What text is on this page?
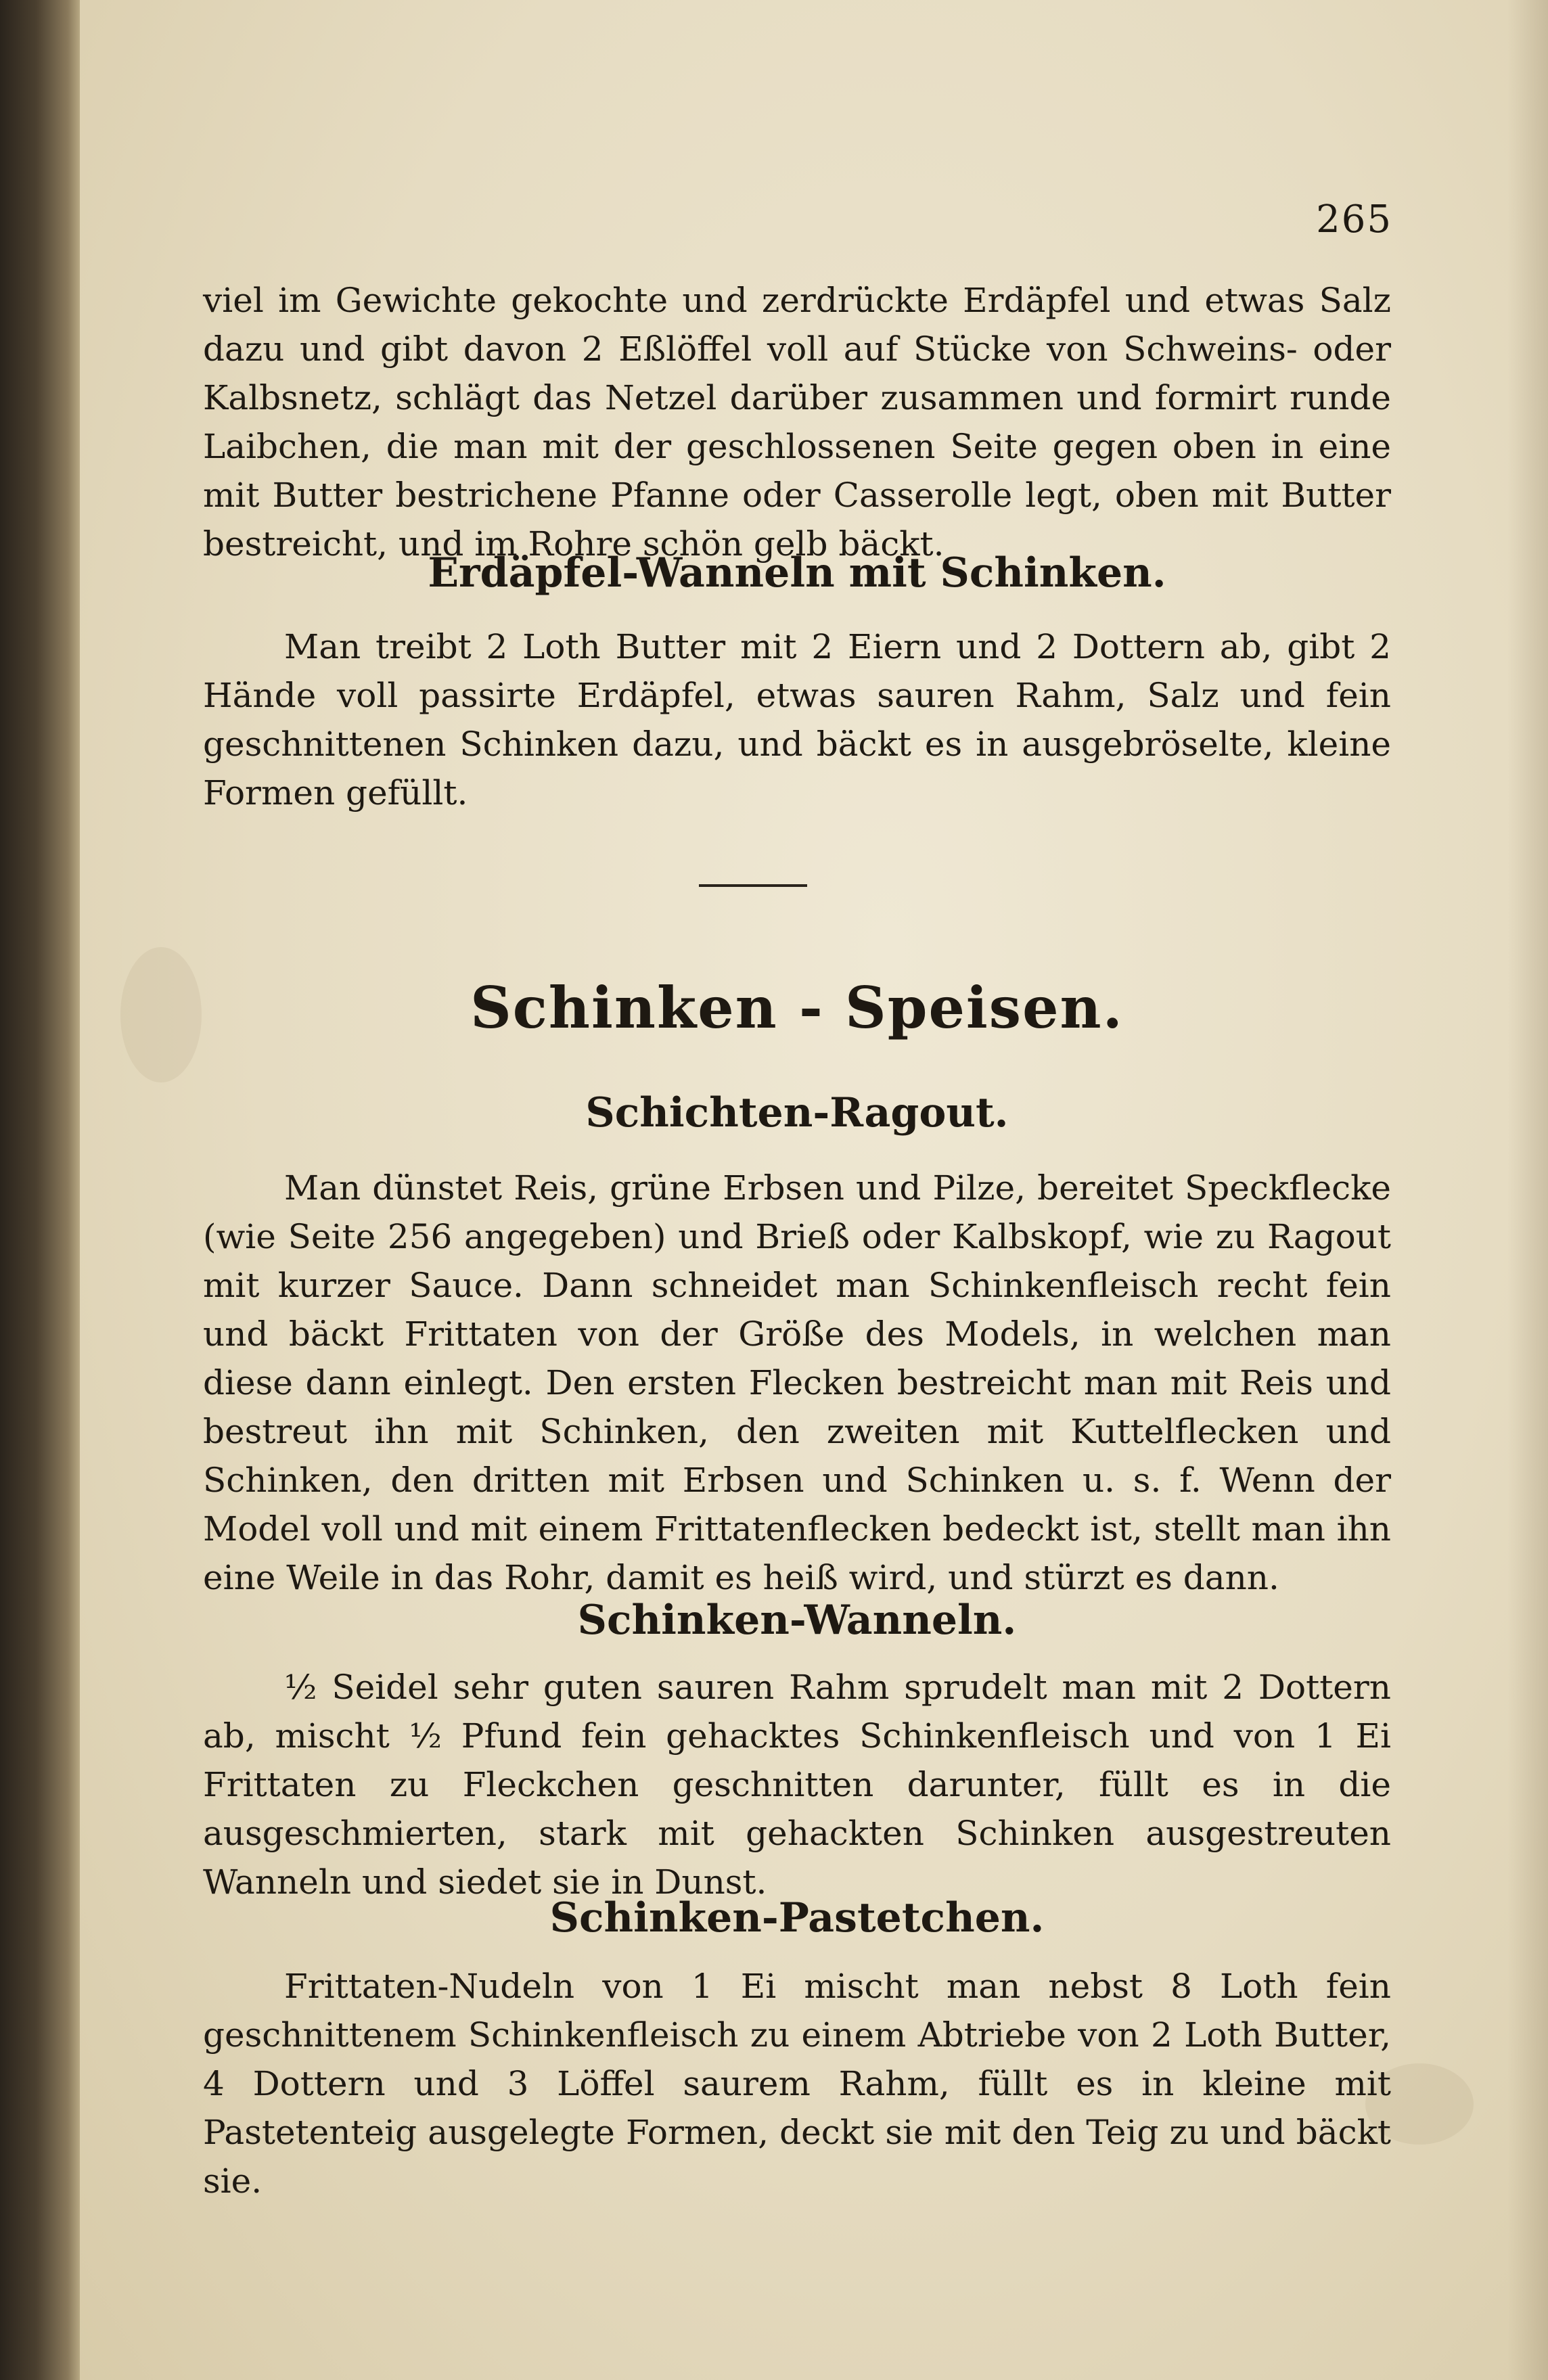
265

viel im Gewichte gekochte und zerdrückte Erdäpfel und etwas Salz dazu und gibt davon 2 Eßlöffel voll auf Stücke von Schweins- oder Kalbsnetz, schlägt das Netzel darüber zusammen und formirt runde Laibchen, die man mit der geschlossenen Seite gegen oben in eine mit Butter bestrichene Pfanne oder Casserolle legt, oben mit Butter bestreicht, und im Rohre schön gelb bäckt.

Erdäpfel-Wanneln mit Schinken.

Man treibt 2 Loth Butter mit 2 Eiern und 2 Dottern ab, gibt 2 Hände voll passirte Erdäpfel, etwas sauren Rahm, Salz und fein geschnittenen Schinken dazu, und bäckt es in ausgebröselte, kleine Formen gefüllt.

Schinken - Speisen.
Schichten-Ragout.

Man dünstet Reis, grüne Erbsen und Pilze, bereitet Speckflecke (wie Seite 256 angegeben) und Brieß oder Kalbskopf, wie zu Ragout mit kurzer Sauce. Dann schneidet man Schinkenfleisch recht fein und bäckt Frittaten von der Größe des Models, in welchen man diese dann einlegt. Den ersten Flecken bestreicht man mit Reis und bestreut ihn mit Schinken, den zweiten mit Kuttelflecken und Schinken, den dritten mit Erbsen und Schinken u. s. f. Wenn der Model voll und mit einem Frittatenflecken bedeckt ist, stellt man ihn eine Weile in das Rohr, damit es heiß wird, und stürzt es dann.

Schinken-Wanneln.

½ Seidel sehr guten sauren Rahm sprudelt man mit 2 Dottern ab, mischt ½ Pfund fein gehacktes Schinkenfleisch und von 1 Ei Frittaten zu Fleckchen geschnitten darunter, füllt es in die ausgeschmierten, stark mit gehackten Schinken ausgestreuten Wanneln und siedet sie in Dunst.

Schinken-Pastetchen.

Frittaten-Nudeln von 1 Ei mischt man nebst 8 Loth fein geschnittenem Schinkenfleisch zu einem Abtriebe von 2 Loth Butter, 4 Dottern und 3 Löffel saurem Rahm, füllt es in kleine mit Pastetenteig ausgelegte Formen, deckt sie mit den Teig zu und bäckt sie.
